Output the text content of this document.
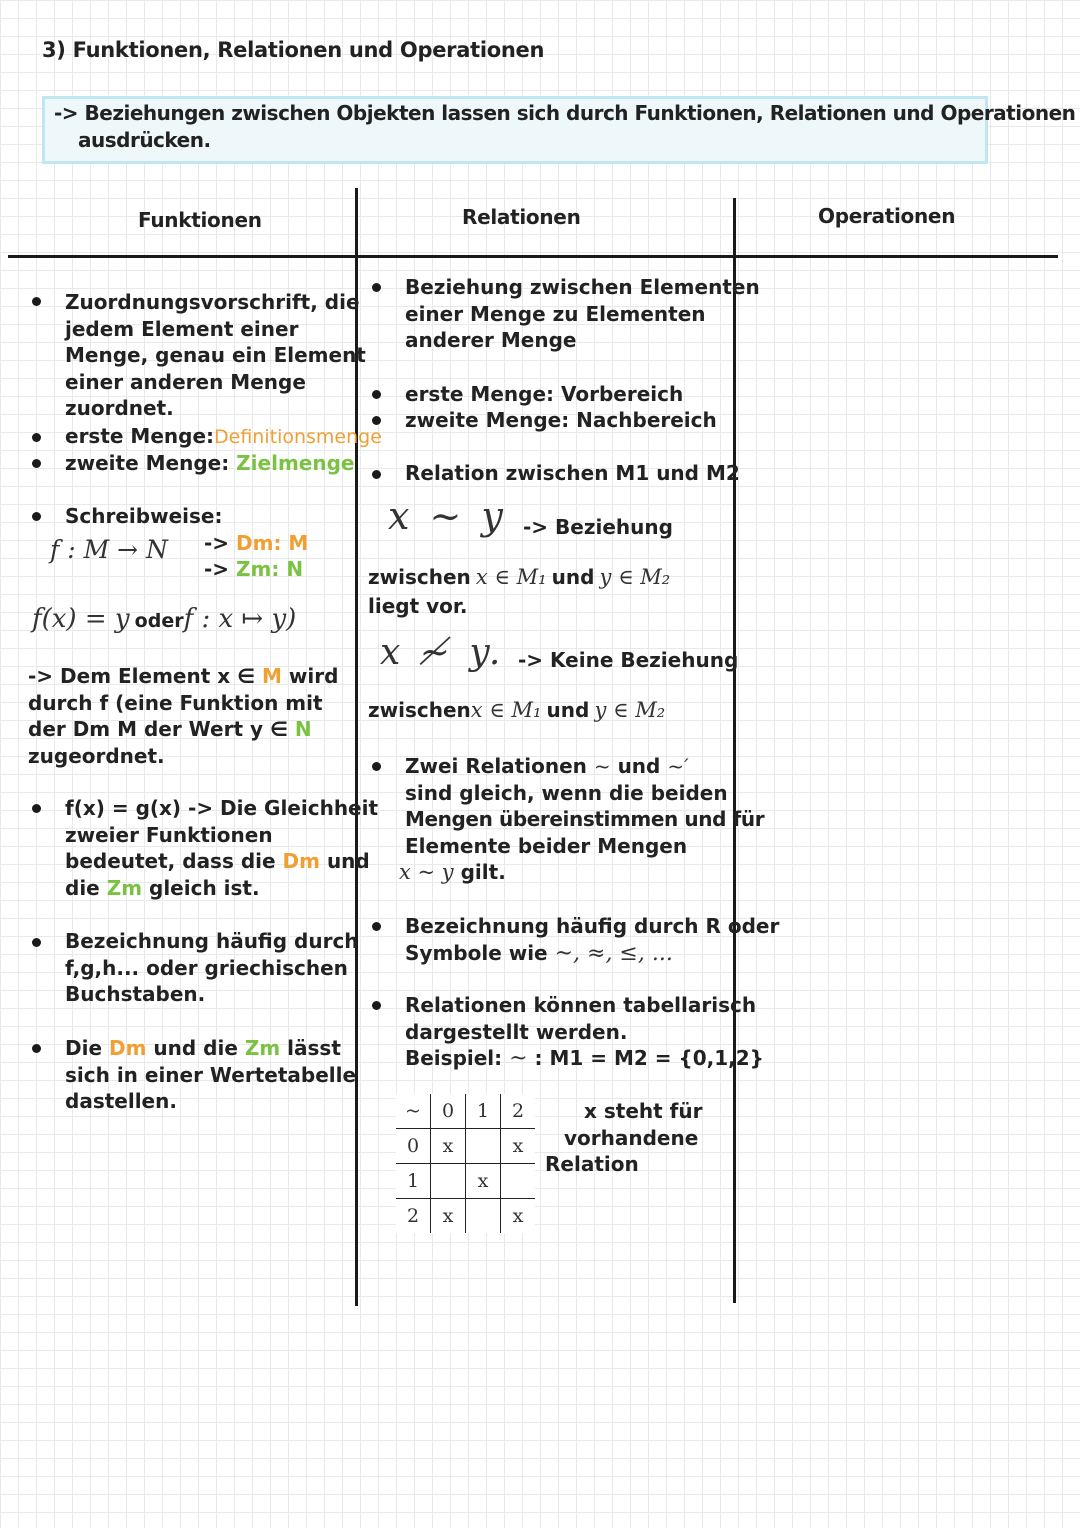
3) Funktionen, Relationen und Operationen
-> Beziehungen zwischen Objekten lassen sich durch Funktionen, Relationen und Operationen
ausdrücken.
Funktionen	Relationen	Operationen
Zuordnungsvorschrift, die
jedem Element einer
Menge, genau ein Element
einer anderen Menge
zuordnet.
erste Menge:Definitionsmenge
zweite Menge: Zielmenge
Schreibweise:
f : M → N -> Dm: M
-> Zm: N
f(x) = y oderf : x ↦ y)
-> Dem Element x ∈ M wird
durch f (eine Funktion mit
der Dm M der Wert y ∈ N
zugeordnet.
f(x) = g(x) -> Die Gleichheit
zweier Funktionen
bedeutet, dass die Dm und
die Zm gleich ist.
Bezeichnung häufig durch
f,g,h... oder griechischen
Buchstaben.
Die Dm und die Zm lässt
sich in einer Wertetabelle
dastellen.
Beziehung zwischen Elementen
einer Menge zu Elementen
anderer Menge
erste Menge: Vorbereich
zweite Menge: Nachbereich
Relation zwischen M1 und M2
x ~ y -> Beziehung
zwischen x ∈ M₁ und y ∈ M₂
liegt vor.
x ≁ y. -> Keine Beziehung
zwischenx ∈ M₁ und y ∈ M₂
Zwei Relationen ~ und ~′
sind gleich, wenn die beiden
Mengen übereinstimmen und für
Elemente beider Mengen
x ~ y gilt.
Bezeichnung häufig durch R oder
Symbole wie ~, ≈, ≤, ...
Relationen können tabellarisch
dargestellt werden.
Beispiel: ~ : M1 = M2 = {0,1,2}
~	0	1	2
0	x		x
1		x	
2	x		x
x steht für
vorhandene
Relation
